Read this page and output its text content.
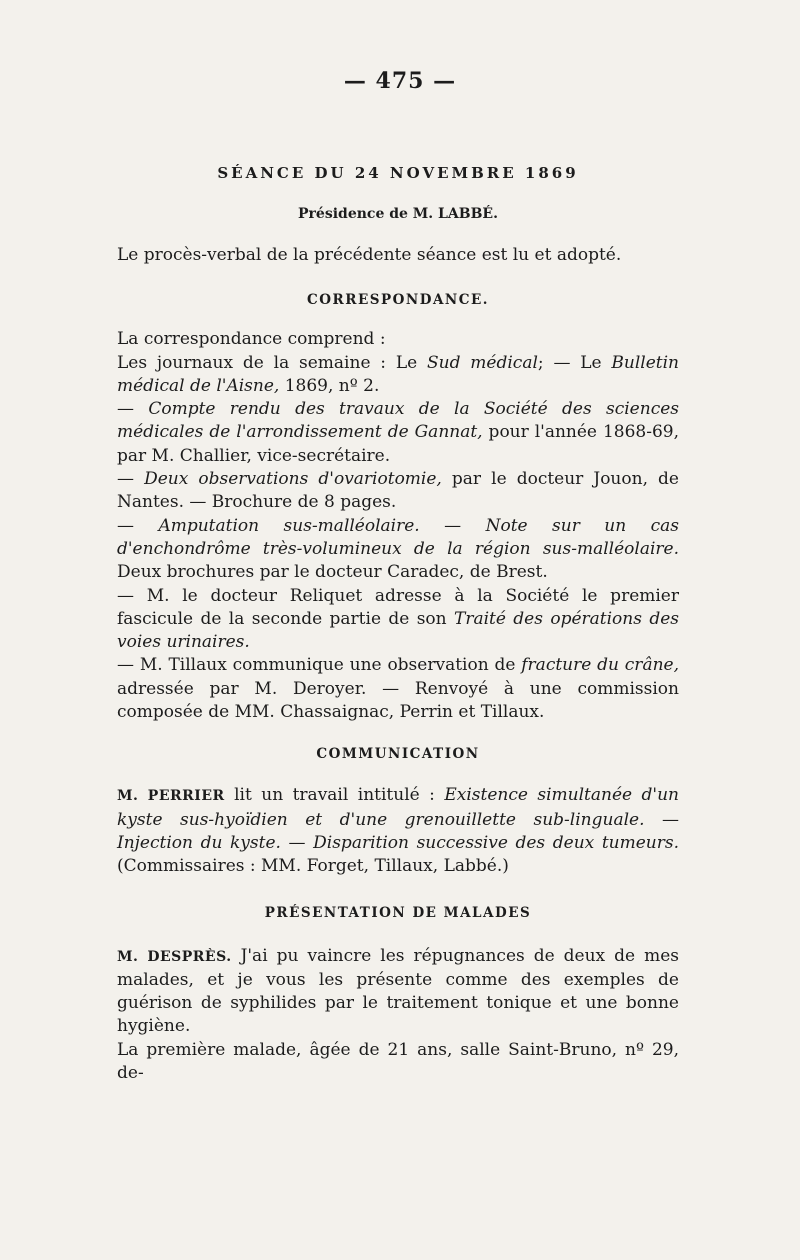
— 475 —
SÉANCE DU 24 NOVEMBRE 1869
Présidence de M. LABBÉ.

Le procès-verbal de la précédente séance est lu et adopté.

CORRESPONDANCE.

La correspondance comprend :

Les journaux de la semaine : Le Sud médical; — Le Bulletin médical de l'Aisne, 1869, nº 2.

— Compte rendu des travaux de la Société des sciences médicales de l'arrondissement de Gannat, pour l'année 1868-69, par M. Challier, vice-secrétaire.

— Deux observations d'ovariotomie, par le docteur Jouon, de Nantes. — Brochure de 8 pages.

— Amputation sus-malléolaire. — Note sur un cas d'enchondrôme très-volumineux de la région sus-malléolaire. Deux brochures par le docteur Caradec, de Brest.

— M. le docteur Reliquet adresse à la Société le premier fascicule de la seconde partie de son Traité des opérations des voies urinaires.

— M. Tillaux communique une observation de fracture du crâne, adressée par M. Deroyer. — Renvoyé à une commission composée de MM. Chassaignac, Perrin et Tillaux.

COMMUNICATION

M. PERRIER lit un travail intitulé : Existence simultanée d'un kyste sus-hyoïdien et d'une grenouillette sub-linguale. — Injection du kyste. — Disparition successive des deux tumeurs. (Commissaires : MM. Forget, Tillaux, Labbé.)

PRÉSENTATION DE MALADES

M. DESPRÈS. J'ai pu vaincre les répugnances de deux de mes malades, et je vous les présente comme des exemples de guérison de syphilides par le traitement tonique et une bonne hygiène.

La première malade, âgée de 21 ans, salle Saint-Bruno, nº 29, de-
